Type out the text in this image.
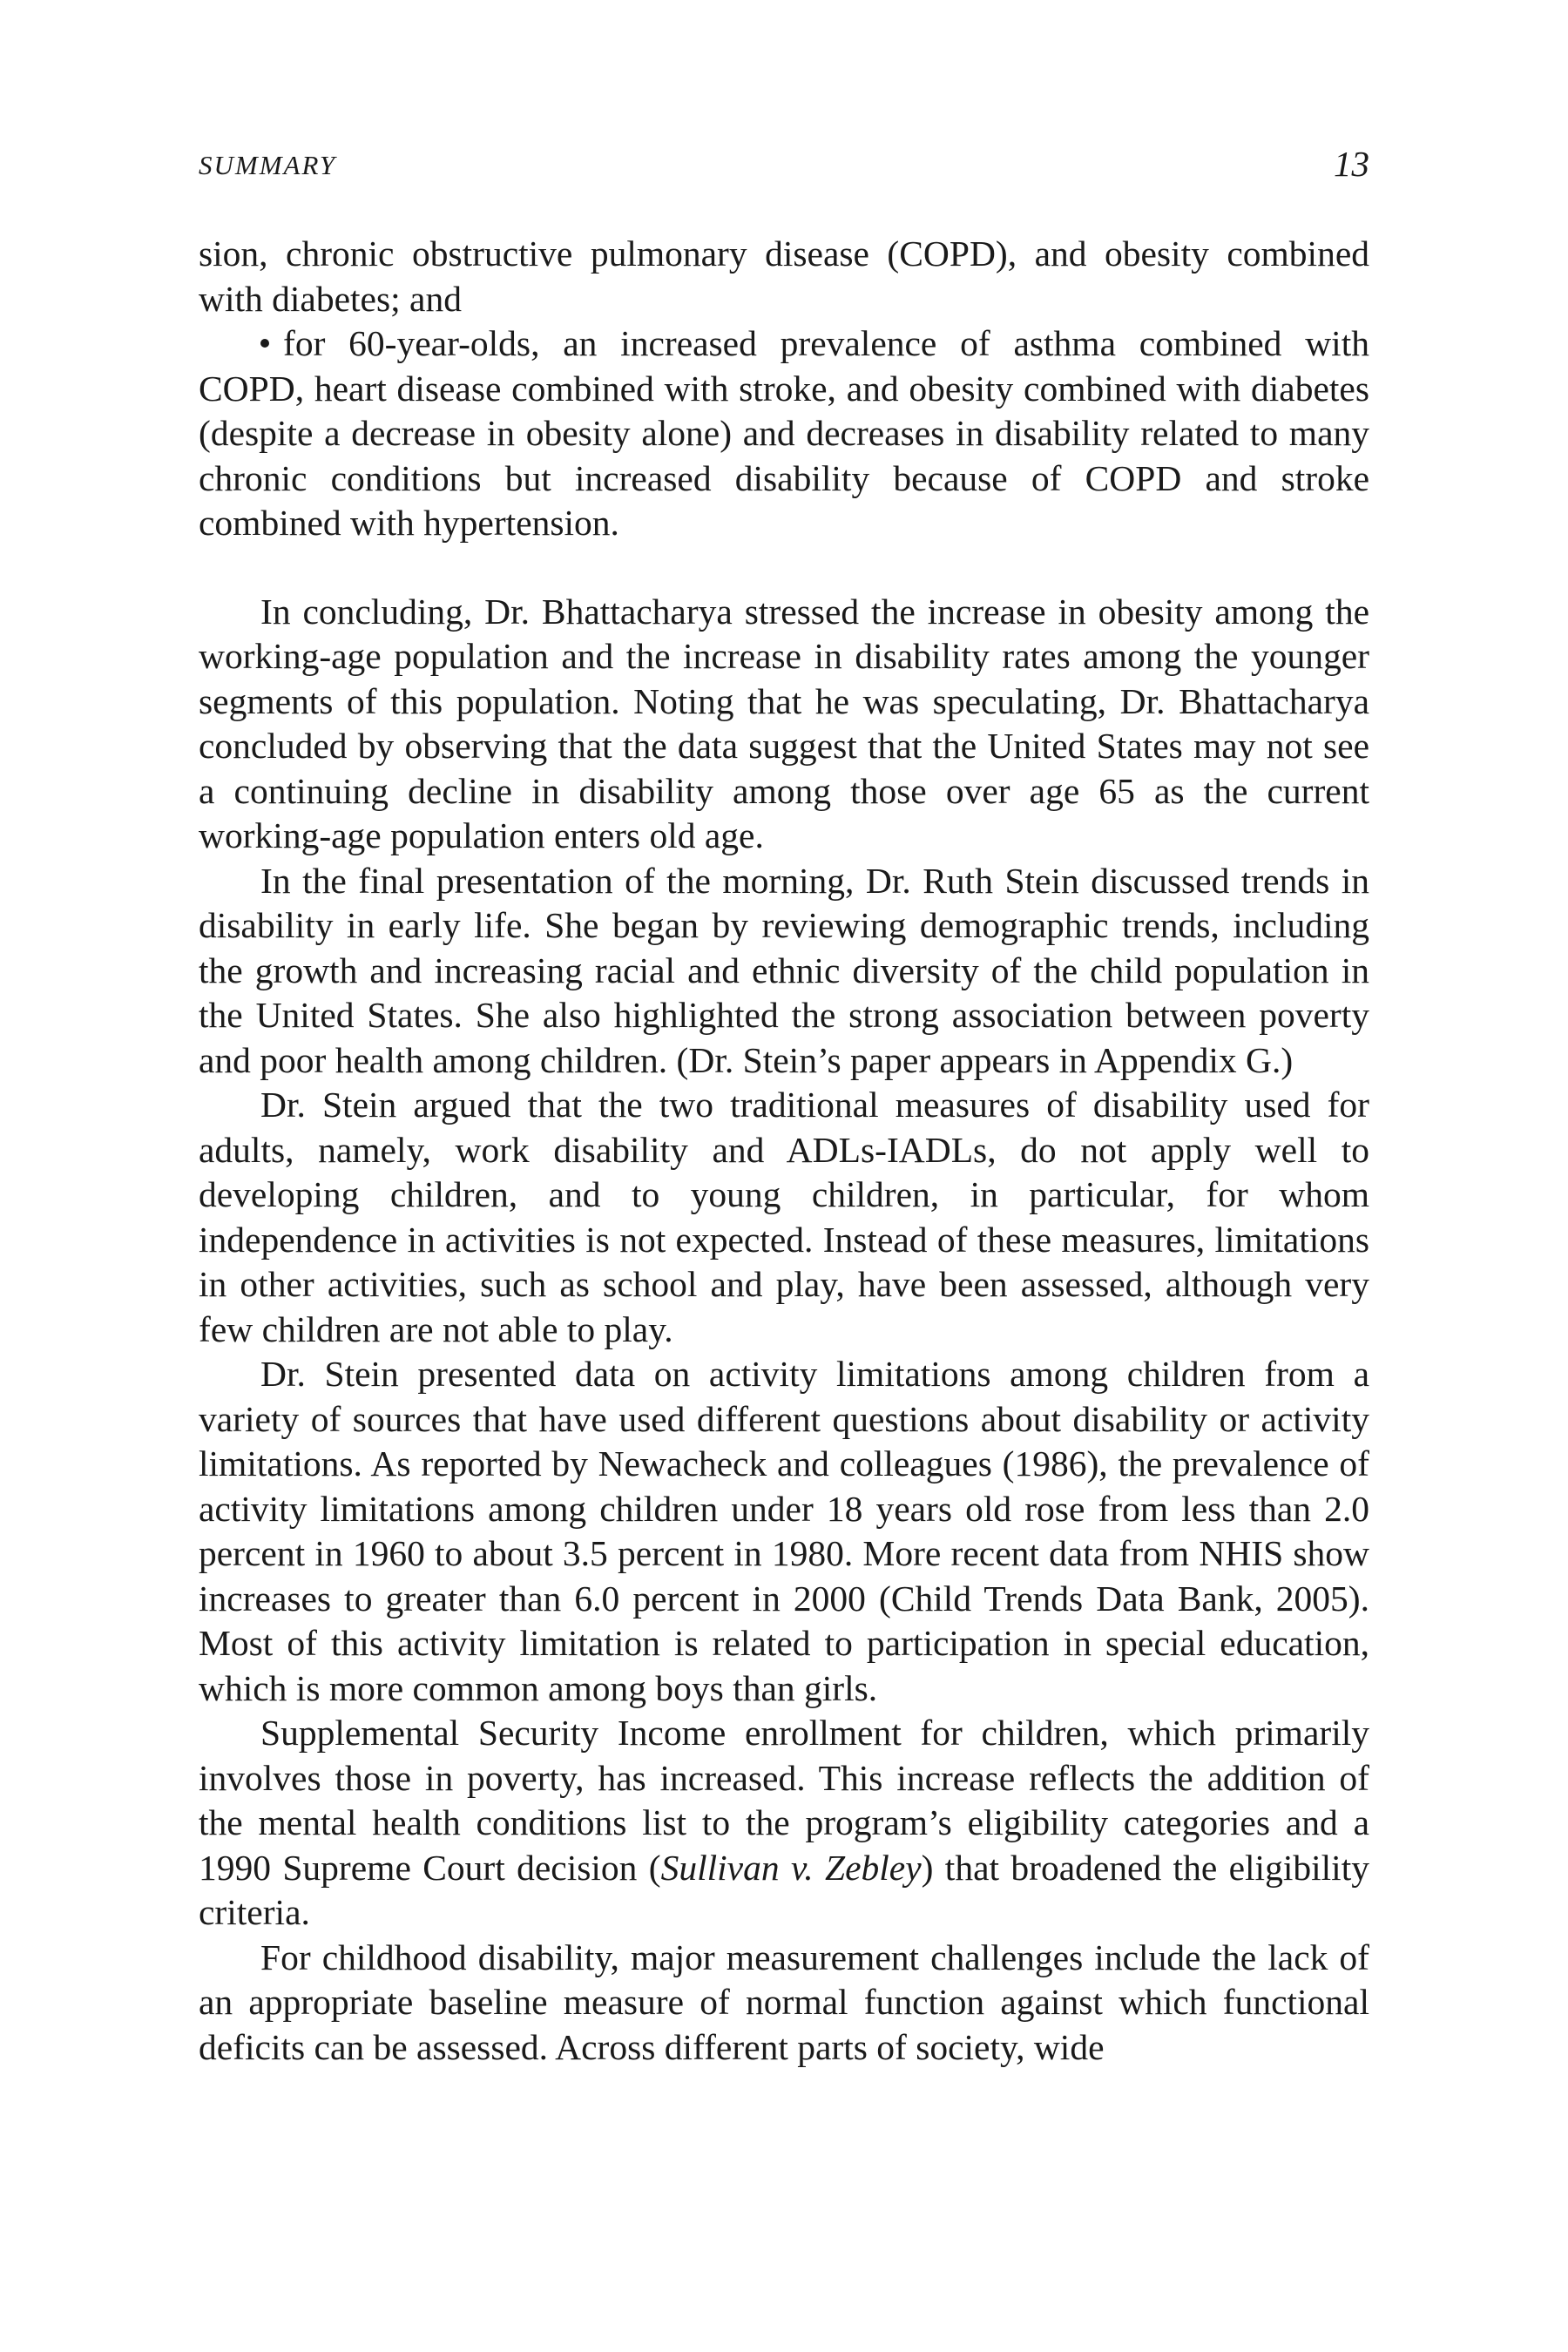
SUMMARY	13

sion, chronic obstructive pulmonary disease (COPD), and obesity combined with diabetes; and

for 60-year-olds, an increased prevalence of asthma combined with COPD, heart disease combined with stroke, and obesity combined with diabetes (despite a decrease in obesity alone) and decreases in disability related to many chronic conditions but increased disability because of COPD and stroke combined with hypertension.

In concluding, Dr. Bhattacharya stressed the increase in obesity among the working-age population and the increase in disability rates among the younger segments of this population. Noting that he was speculating, Dr. Bhattacharya concluded by observing that the data suggest that the United States may not see a continuing decline in disability among those over age 65 as the current working-age population enters old age.

In the final presentation of the morning, Dr. Ruth Stein discussed trends in disability in early life. She began by reviewing demographic trends, including the growth and increasing racial and ethnic diversity of the child population in the United States. She also highlighted the strong association between poverty and poor health among children. (Dr. Stein’s paper appears in Appendix G.)

Dr. Stein argued that the two traditional measures of disability used for adults, namely, work disability and ADLs-IADLs, do not apply well to developing children, and to young children, in particular, for whom independence in activities is not expected. Instead of these measures, limitations in other activities, such as school and play, have been assessed, although very few children are not able to play.

Dr. Stein presented data on activity limitations among children from a variety of sources that have used different questions about disability or activity limitations. As reported by Newacheck and colleagues (1986), the prevalence of activity limitations among children under 18 years old rose from less than 2.0 percent in 1960 to about 3.5 percent in 1980. More recent data from NHIS show increases to greater than 6.0 percent in 2000 (Child Trends Data Bank, 2005). Most of this activity limitation is related to participation in special education, which is more common among boys than girls.

Supplemental Security Income enrollment for children, which primarily involves those in poverty, has increased. This increase reflects the addition of the mental health conditions list to the program’s eligibility categories and a 1990 Supreme Court decision (Sullivan v. Zebley) that broadened the eligibility criteria.

For childhood disability, major measurement challenges include the lack of an appropriate baseline measure of normal function against which functional deficits can be assessed. Across different parts of society, wide
